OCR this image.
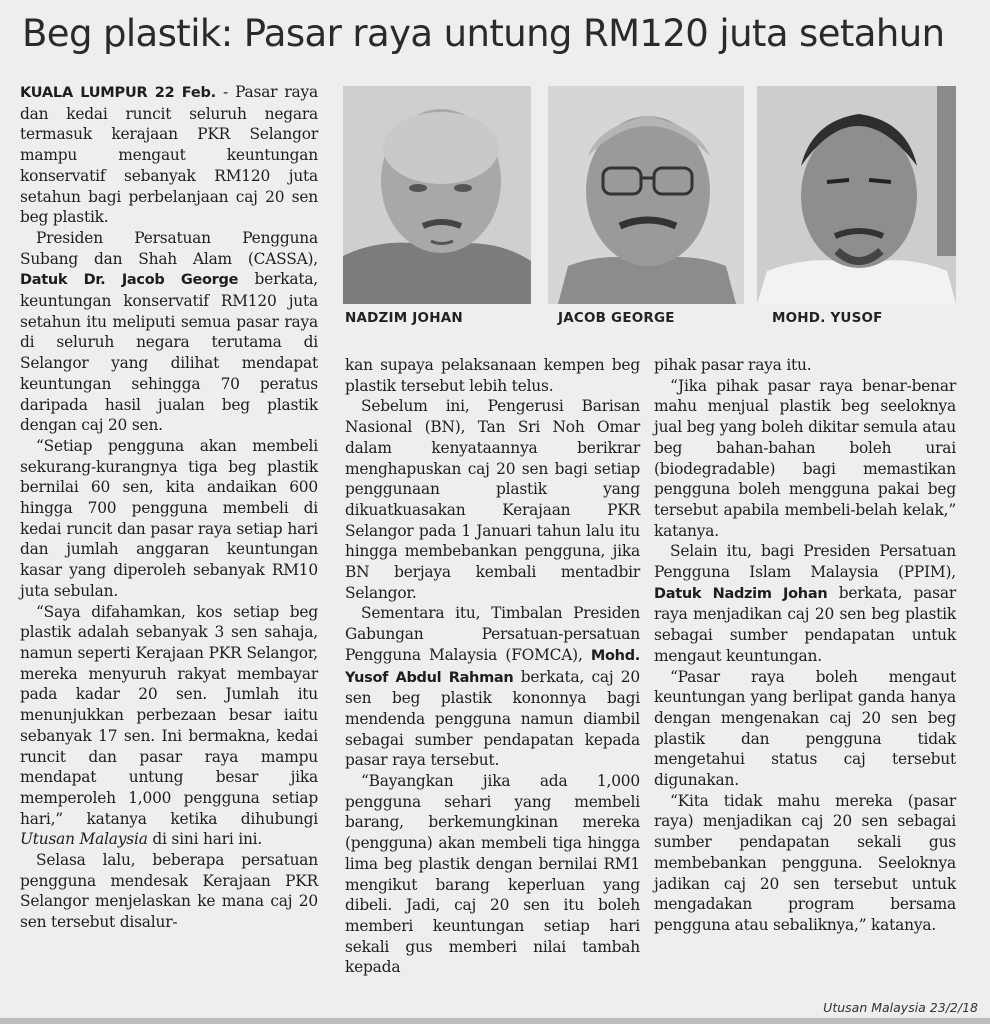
Beg plastik: Pasar raya untung RM120 juta setahun

KUALA LUMPUR 22 Feb. - Pasar raya dan kedai runcit seluruh negara termasuk kerajaan PKR Selangor mampu mengaut keuntungan konservatif sebanyak RM120 juta setahun bagi perbelanjaan caj 20 sen beg plastik.

Presiden Persatuan Pengguna Subang dan Shah Alam (CASSA), Datuk Dr. Jacob George berkata, keuntungan konservatif RM120 juta setahun itu meliputi semua pasar raya di seluruh negara terutama di Selangor yang dilihat mendapat keuntungan sehingga 70 peratus daripada hasil jualan beg plastik dengan caj 20 sen.

“Setiap pengguna akan membeli sekurang-kurangnya tiga beg plastik bernilai 60 sen, kita andaikan 600 hingga 700 pengguna membeli di kedai runcit dan pasar raya setiap hari dan jumlah anggaran keuntungan kasar yang diperoleh sebanyak RM10 juta sebulan.

“Saya difahamkan, kos setiap beg plastik adalah sebanyak 3 sen sahaja, namun seperti Kerajaan PKR Selangor, mereka menyuruh rakyat membayar pada kadar 20 sen. Jumlah itu menunjukkan perbezaan besar iaitu sebanyak 17 sen. Ini bermakna, kedai runcit dan pasar raya mampu mendapat untung besar jika memperoleh 1,000 pengguna setiap hari,” katanya ketika dihubungi Utusan Malaysia di sini hari ini.

Selasa lalu, beberapa persatuan pengguna mendesak Kerajaan PKR Selangor menjelaskan ke mana caj 20 sen tersebut disalur-

NADZIM JOHAN	JACOB GEORGE	MOHD. YUSOF

kan supaya pelaksanaan kempen beg plastik tersebut lebih telus.

Sebelum ini, Pengerusi Barisan Nasional (BN), Tan Sri Noh Omar dalam kenyataannya berikrar menghapuskan caj 20 sen bagi setiap penggunaan plastik yang dikuatkuasakan Kerajaan PKR Selangor pada 1 Januari tahun lalu itu hingga membebankan pengguna, jika BN berjaya kembali mentadbir Selangor.

Sementara itu, Timbalan Presiden Gabungan Persatuan-persatuan Pengguna Malaysia (FOMCA), Mohd. Yusof Abdul Rahman berkata, caj 20 sen beg plastik kononnya bagi mendenda pengguna namun diambil sebagai sumber pendapatan kepada pasar raya tersebut.

“Bayangkan jika ada 1,000 pengguna sehari yang membeli barang, berkemungkinan mereka (pengguna) akan membeli tiga hingga lima beg plastik dengan bernilai RM1 mengikut barang keperluan yang dibeli. Jadi, caj 20 sen itu boleh memberi keuntungan setiap hari sekali gus memberi nilai tambah kepada

pihak pasar raya itu.

“Jika pihak pasar raya benar-benar mahu menjual plastik beg seeloknya jual beg yang boleh dikitar semula atau beg bahan-bahan boleh urai (biodegradable) bagi memastikan pengguna boleh mengguna pakai beg tersebut apabila membeli-belah kelak,” katanya.

Selain itu, bagi Presiden Persatuan Pengguna Islam Malaysia (PPIM), Datuk Nadzim Johan berkata, pasar raya menjadikan caj 20 sen beg plastik sebagai sumber pendapatan untuk mengaut keuntungan.

“Pasar raya boleh mengaut keuntungan yang berlipat ganda hanya dengan mengenakan caj 20 sen beg plastik dan pengguna tidak mengetahui status caj tersebut digunakan.

“Kita tidak mahu mereka (pasar raya) menjadikan caj 20 sen sebagai sumber pendapatan sekali gus membebankan pengguna. Seeloknya jadikan caj 20 sen tersebut untuk mengadakan program bersama pengguna atau sebaliknya,” katanya.

Utusan Malaysia 23/2/18
